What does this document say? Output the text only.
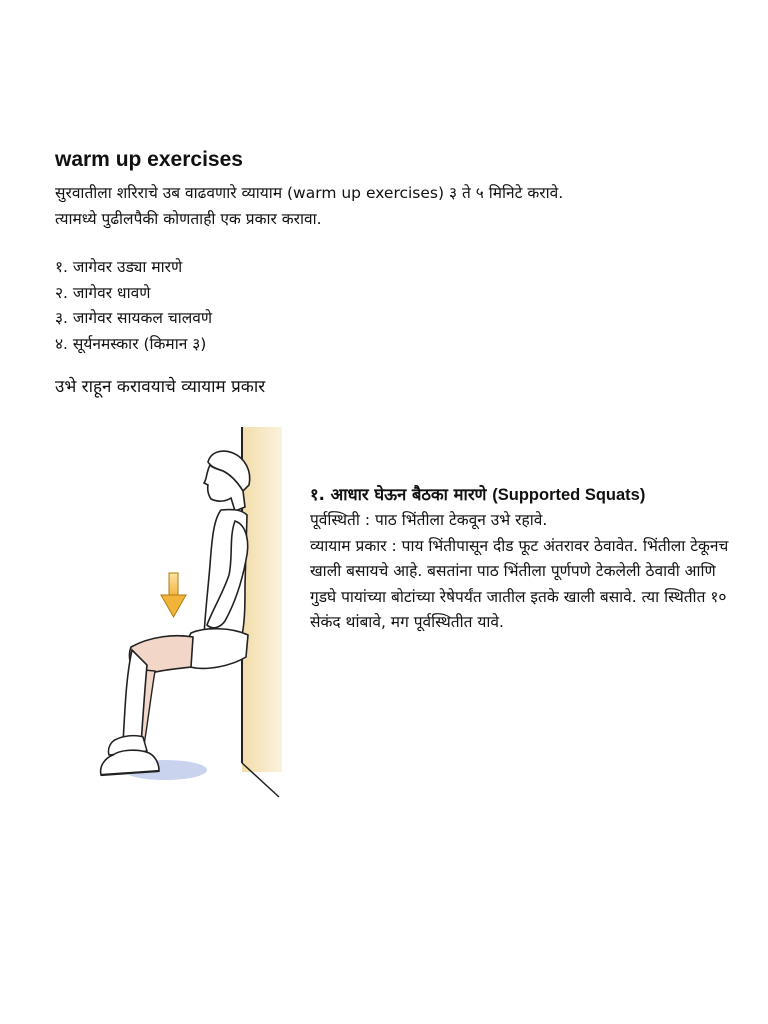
warm up exercises

सुरवातीला शरिराचे उब वाढवणारे व्यायाम (warm up exercises) ३ ते ५ मिनिटे करावे.

त्यामध्ये पुढीलपैकी कोणताही एक प्रकार करावा.

१. जागेवर उड्या मारणे
२. जागेवर धावणे
३. जागेवर सायकल चालवणे
४. सूर्यनमस्कार (किमान ३)
उभे राहून करावयाचे व्यायाम प्रकार

१. आधार घेऊन बैठका मारणे (Supported Squats)

पूर्वस्थिती : पाठ भिंतीला टेकवून उभे रहावे.

व्यायाम प्रकार : पाय भिंतीपासून दीड फूट अंतरावर ठेवावेत. भिंतीला टेकूनच खाली बसायचे आहे. बसतांना पाठ भिंतीला पूर्णपणे टेकलेली ठेवावी आणि गुडघे पायांच्या बोटांच्या रेषेपर्यंत जातील इतके खाली बसावे. त्या स्थितीत १० सेकंद थांबावे, मग पूर्वस्थितीत यावे.
